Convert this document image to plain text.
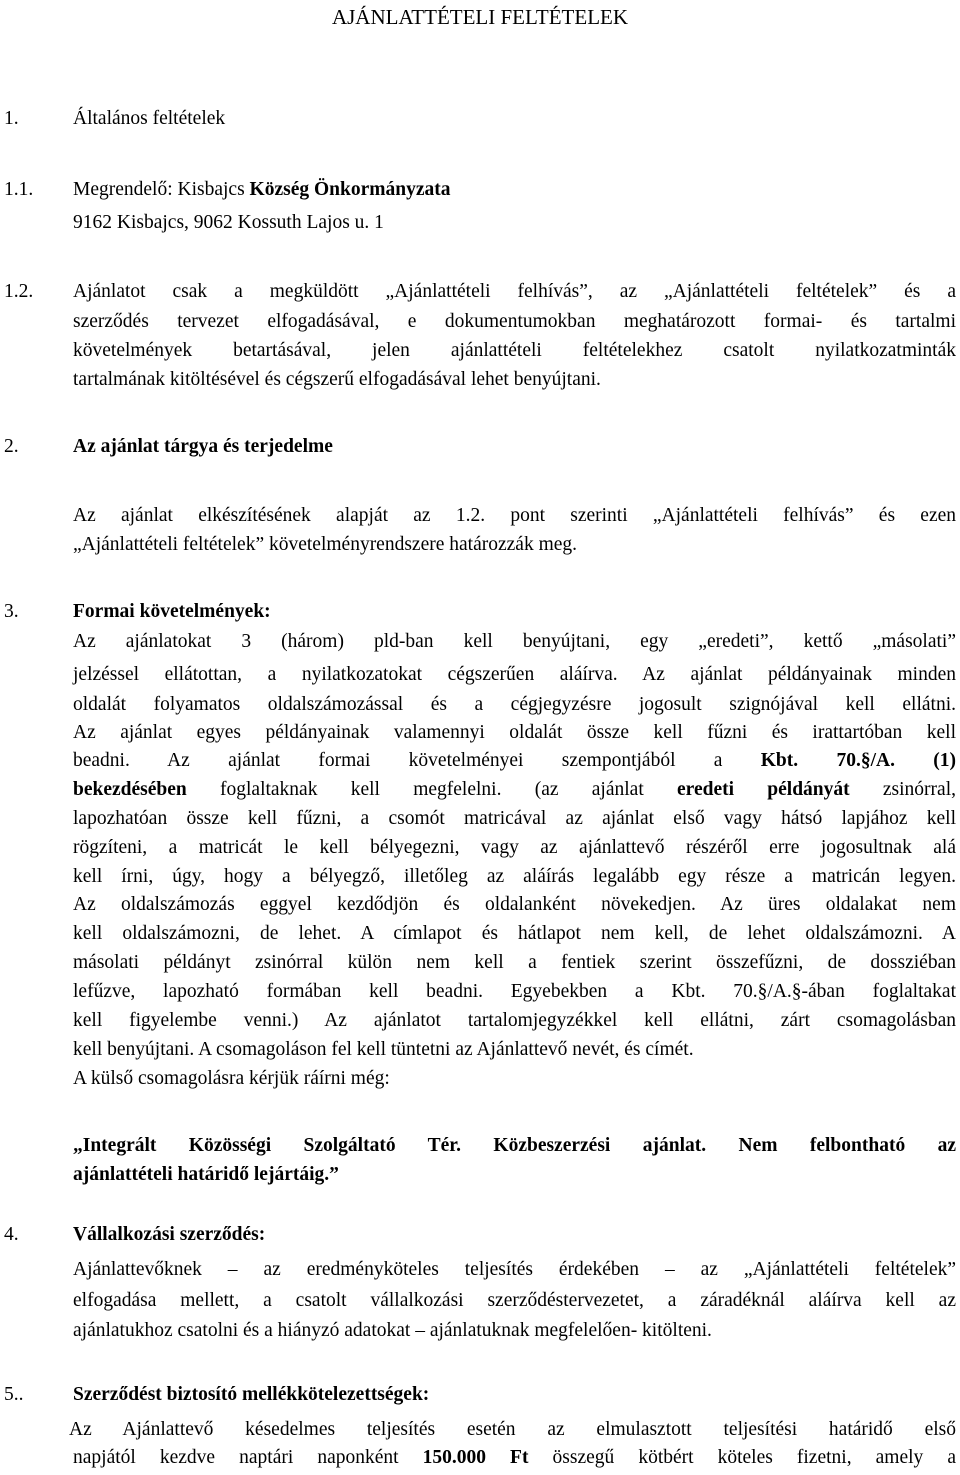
AJÁNLATTÉTELI FELTÉTELEK
1.	Általános feltételek
1.1. Megrendelő: Kisbajcs Község Önkormányzata
9162 Kisbajcs, 9062 Kossuth Lajos u. 1
1.2. Ajánlatot csak a megküldött „Ajánlattételi felhívás”, az „Ajánlattételi feltételek” és a
szerződés tervezet elfogadásával, e dokumentumokban meghatározott formai- és tartalmi
követelmények betartásával, jelen ajánlattételi feltételekhez csatolt nyilatkozatminták
tartalmának kitöltésével és cégszerű elfogadásával lehet benyújtani.
2.	Az ajánlat tárgya és terjedelme
Az ajánlat elkészítésének alapját az 1.2. pont szerinti „Ajánlattételi felhívás” és ezen
„Ajánlattételi feltételek” követelményrendszere határozzák meg.
3.	Formai követelmények:
Az ajánlatokat 3 (három) pld-ban kell benyújtani, egy „eredeti”, kettő „másolati”
jelzéssel ellátottan, a nyilatkozatokat cégszerűen aláírva. Az ajánlat példányainak minden
oldalát folyamatos oldalszámozással és a cégjegyzésre jogosult szignójával kell ellátni.
Az ajánlat egyes példányainak valamennyi oldalát össze kell fűzni és irattartóban kell
beadni. Az ajánlat formai követelményei szempontjából a Kbt. 70.§/A. (1)
bekezdésében foglaltaknak kell megfelelni. (az ajánlat eredeti példányát zsinórral,
lapozhatóan össze kell fűzni, a csomót matricával az ajánlat első vagy hátsó lapjához kell
rögzíteni, a matricát le kell bélyegezni, vagy az ajánlattevő részéről erre jogosultnak alá
kell írni, úgy, hogy a bélyegző, illetőleg az aláírás legalább egy része a matricán legyen.
Az oldalszámozás eggyel kezdődjön és oldalanként növekedjen. Az üres oldalakat nem
kell oldalszámozni, de lehet. A címlapot és hátlapot nem kell, de lehet oldalszámozni. A
másolati példányt zsinórral külön nem kell a fentiek szerint összefűzni, de dossziéban
lefűzve, lapozható formában kell beadni. Egyebekben a Kbt. 70.§/A.§-ában foglaltakat
kell figyelembe venni.) Az ajánlatot tartalomjegyzékkel kell ellátni, zárt csomagolásban
kell benyújtani. A csomagoláson fel kell tüntetni az Ajánlattevő nevét, és címét.
A külső csomagolásra kérjük ráírni még:
„Integrált Közösségi Szolgáltató Tér. Közbeszerzési ajánlat. Nem felbontható az
ajánlattételi határidő lejártáig.”
4.	Vállalkozási szerződés:
Ajánlattevőknek – az eredményköteles teljesítés érdekében – az „Ajánlattételi feltételek”
elfogadása mellett, a csatolt vállalkozási szerződéstervezetet, a záradéknál aláírva kell az
ajánlatukhoz csatolni és a hiányzó adatokat – ajánlatuknak megfelelően- kitölteni.
5..	Szerződést biztosító mellékkötelezettségek:
Az Ajánlattevő késedelmes teljesítés esetén az elmulasztott teljesítési határidő első
napjától kezdve naptári naponként 150.000 Ft összegű kötbért köteles fizetni, amely a
